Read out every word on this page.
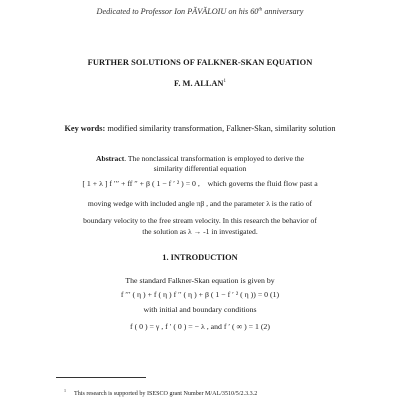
Dedicated to Professor Ion PĂVĂLOIU on his 60th anniversary
FURTHER SOLUTIONS OF FALKNER-SKAN EQUATION
F. M. ALLAN$^1$
Key words: modified similarity transformation, Falkner-Skan, similarity solution
Abstract. The nonclassical transformation is employed to derive the
similarity differential equation
[ 1 + λ ] f ′′′ + ff ′′ + β ( 1 − f ′ ² ) = 0 , which governs the fluid flow past a
moving wedge with included angle πβ , and the parameter λ is the ratio of
boundary velocity to the free stream velocity. In this research the behavior of
the solution as λ → -1 in investigated.
1. INTRODUCTION
The standard Falkner-Skan equation is given by
f ′′′ ( η ) + f ( η ) f ′′ ( η ) + β ( 1 − f ′ ² ( η )) = 0 (1)
with initial and boundary conditions
f ( 0 ) = γ , f ′ ( 0 ) = − λ , and f ′ ( ∞ ) = 1 (2)
$^1$This research is supported by ISESCO grant Number M/AL/3510/5/2.3.3.2
